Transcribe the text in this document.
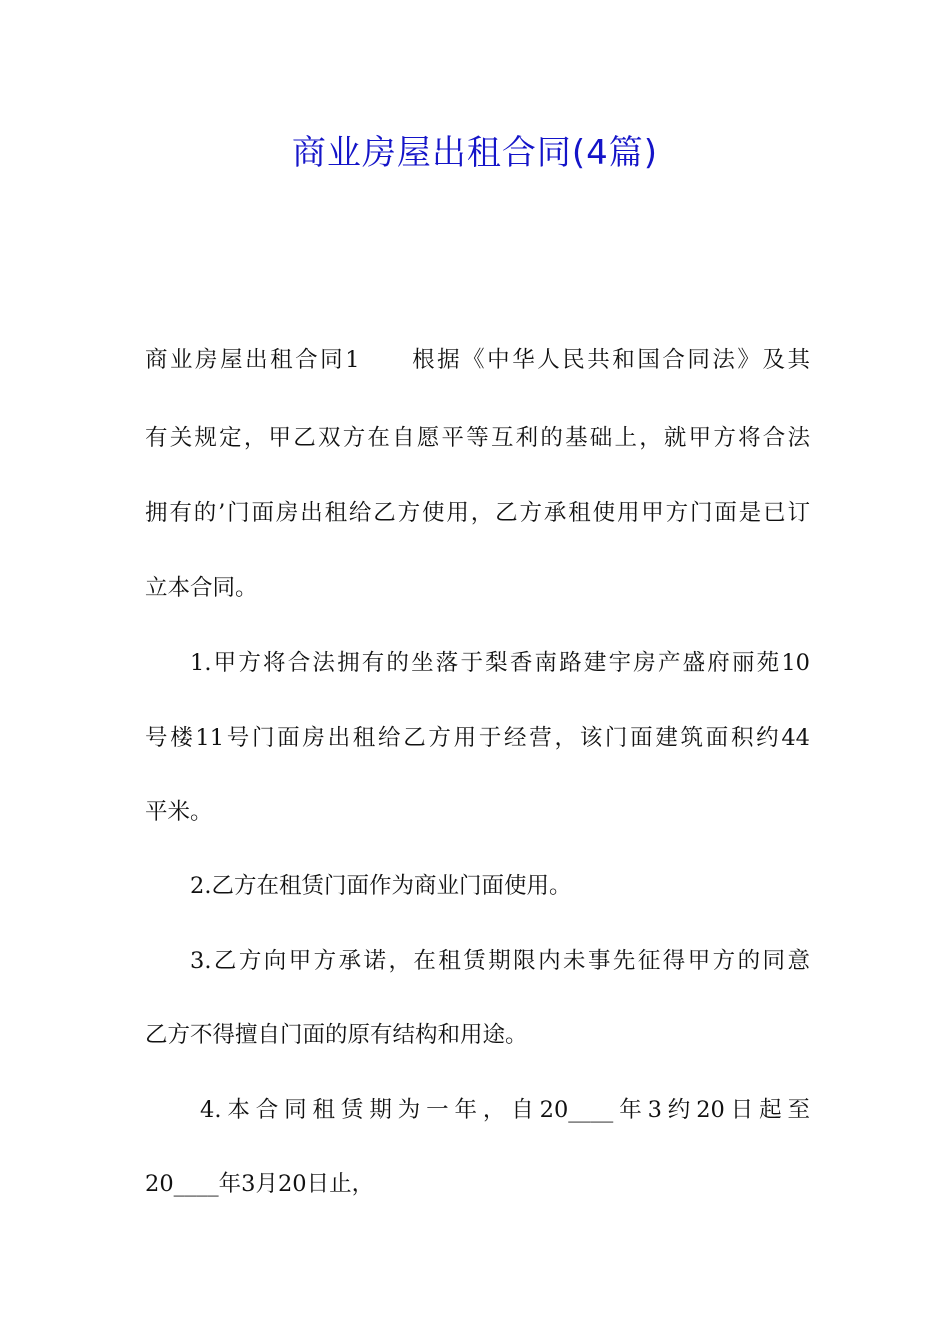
商业房屋出租合同(4篇)
商业房屋出租合同1　　根据《中华人民共和国合同法》及其
有关规定，甲乙双方在自愿平等互利的基础上，就甲方将合法
拥有的’门面房出租给乙方使用，乙方承租使用甲方门面是已订
立本合同。
1.甲方将合法拥有的坐落于梨香南路建宇房产盛府丽苑10
号楼11号门面房出租给乙方用于经营，该门面建筑面积约44
平米。
2.乙方在租赁门面作为商业门面使用。
3.乙方向甲方承诺，在租赁期限内未事先征得甲方的同意
乙方不得擅自门面的原有结构和用途。
4.本合同租赁期为一年，自20____年3约20日起至
20____年3月20日止，
